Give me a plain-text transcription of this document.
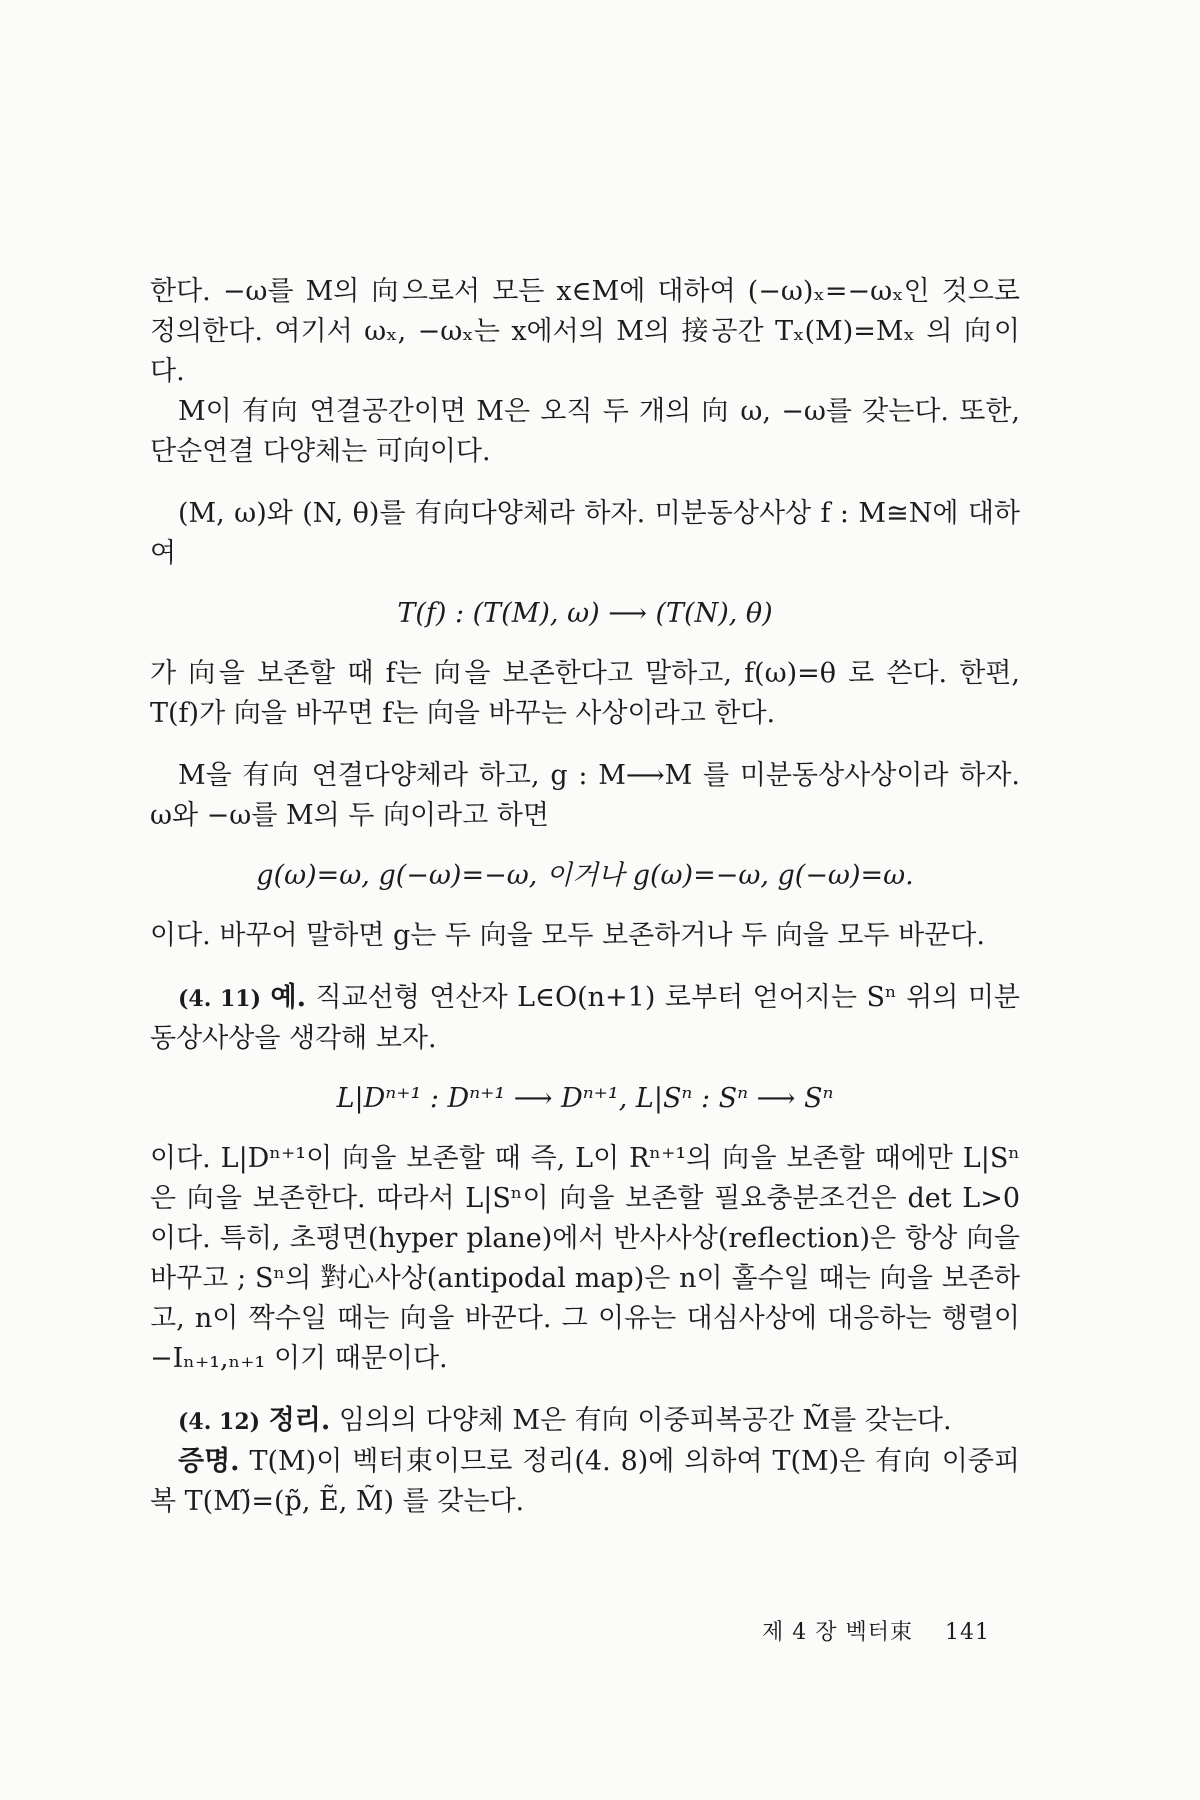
한다. −ω를 M의 向으로서 모든 x∈M에 대하여 (−ω)ₓ=−ωₓ인 것으로 정의한다. 여기서 ωₓ, −ωₓ는 x에서의 M의 接공간 Tₓ(M)=Mₓ 의 向이다.

M이 有向 연결공간이면 M은 오직 두 개의 向 ω, −ω를 갖는다. 또한, 단순연결 다양체는 可向이다.

(M, ω)와 (N, θ)를 有向다양체라 하자. 미분동상사상 f : M≅N에 대하여

T(f) : (T(M), ω) ⟶ (T(N), θ)

가 向을 보존할 때 f는 向을 보존한다고 말하고, f(ω)=θ 로 쓴다. 한편, T(f)가 向을 바꾸면 f는 向을 바꾸는 사상이라고 한다.

M을 有向 연결다양체라 하고, g : M⟶M 를 미분동상사상이라 하자. ω와 −ω를 M의 두 向이라고 하면

g(ω)=ω, g(−ω)=−ω, 이거나 g(ω)=−ω, g(−ω)=ω.

이다. 바꾸어 말하면 g는 두 向을 모두 보존하거나 두 向을 모두 바꾼다.

(4. 11) 예. 직교선형 연산자 L∈O(n+1) 로부터 얻어지는 Sⁿ 위의 미분동상사상을 생각해 보자.

L|Dⁿ⁺¹ : Dⁿ⁺¹ ⟶ Dⁿ⁺¹, L|Sⁿ : Sⁿ ⟶ Sⁿ

이다. L|Dⁿ⁺¹이 向을 보존할 때 즉, L이 Rⁿ⁺¹의 向을 보존할 때에만 L|Sⁿ은 向을 보존한다. 따라서 L|Sⁿ이 向을 보존할 필요충분조건은 det L>0 이다. 특히, 초평면(hyper plane)에서 반사사상(reflection)은 항상 向을 바꾸고 ; Sⁿ의 對心사상(antipodal map)은 n이 홀수일 때는 向을 보존하고, n이 짝수일 때는 向을 바꾼다. 그 이유는 대심사상에 대응하는 행렬이 −Iₙ₊₁,ₙ₊₁ 이기 때문이다.

(4. 12) 정리. 임의의 다양체 M은 有向 이중피복공간 M̃를 갖는다.

증명. T(M)이 벡터束이므로 정리(4. 8)에 의하여 T(M)은 有向 이중피복 T(M)̃=(p̃, Ẽ, M̃) 를 갖는다.

제 4 장 벡터束 141
